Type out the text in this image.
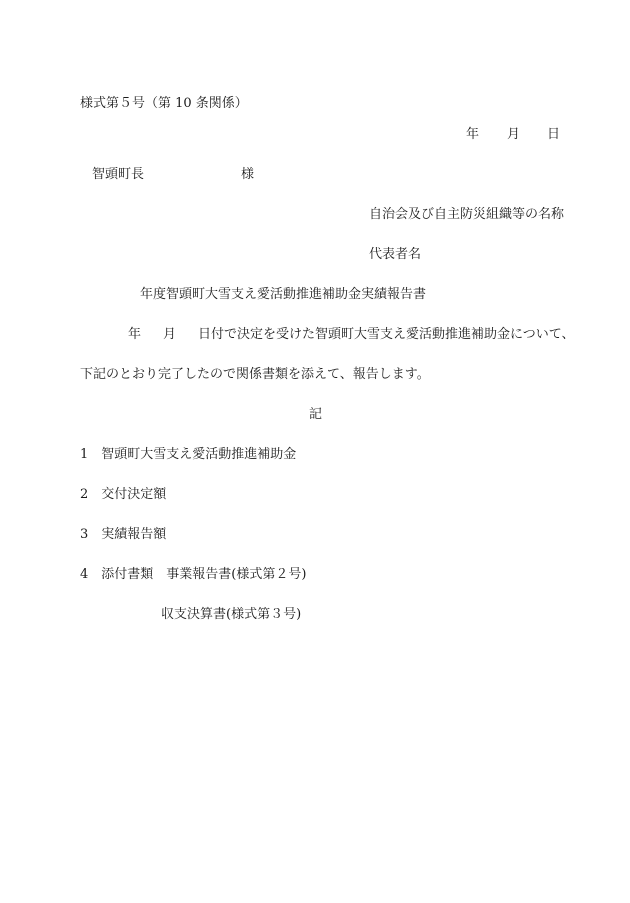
様式第５号（第 10 条関係）
年 月 日
智頭町長	様
自治会及び自主防災組織等の名称
代表者名
年度智頭町大雪支え愛活動推進補助金実績報告書
年 月 日付で決定を受けた智頭町大雪支え愛活動推進補助金について、
下記のとおり完了したので関係書類を添えて、報告します。
記
1 智頭町大雪支え愛活動推進補助金
2 交付決定額
3 実績報告額
4 添付書類　事業報告書(様式第２号)
収支決算書(様式第３号)
